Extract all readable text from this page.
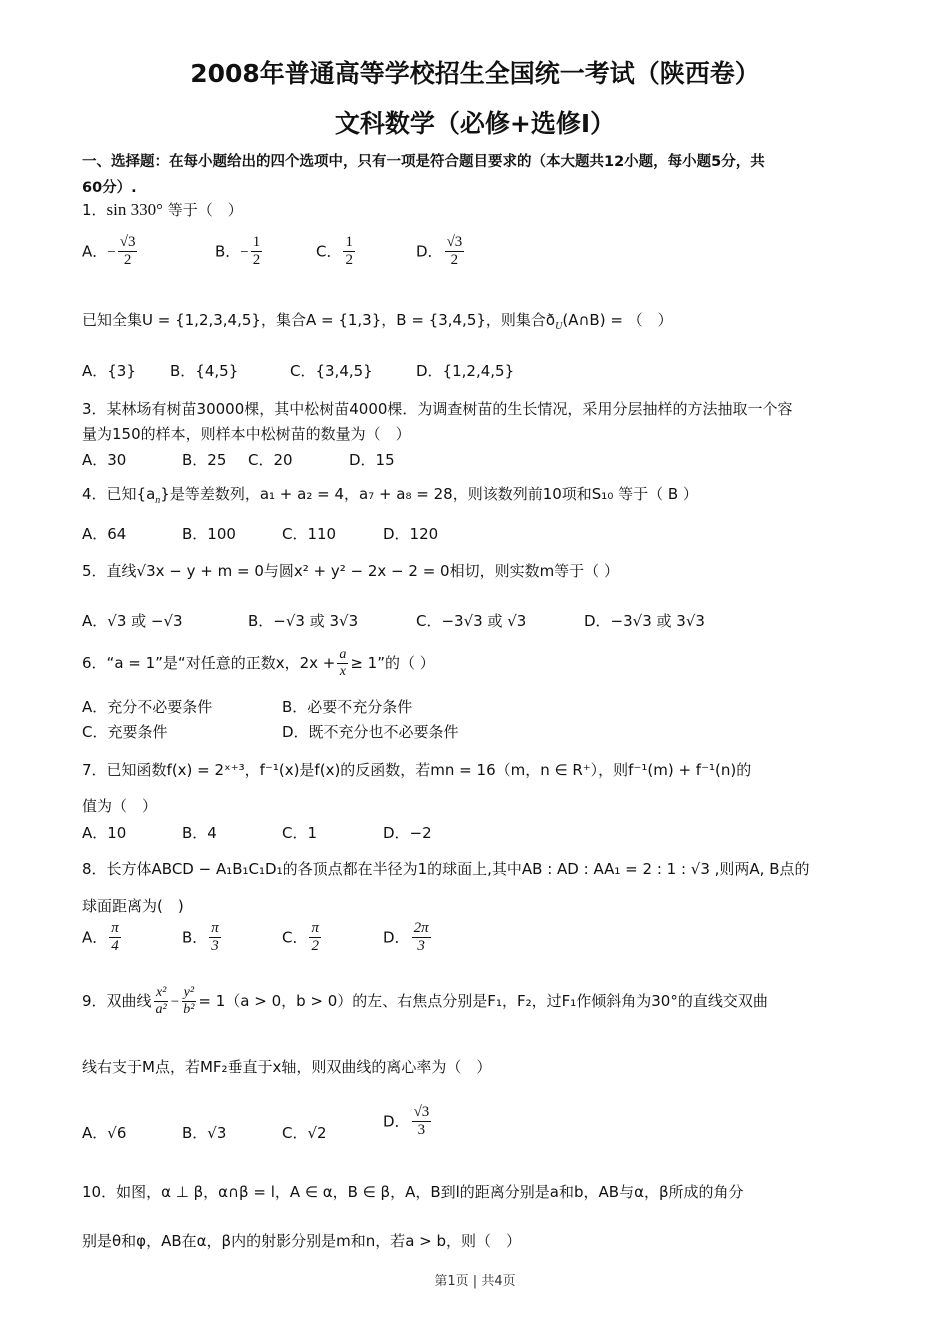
2008年普通高等学校招生全国统一考试（陕西卷）
文科数学（必修+选修Ⅰ）
一、选择题：在每小题给出的四个选项中，只有一项是符合题目要求的（本大题共12小题，每小题5分，共
60分）.
1．sin 330° 等于（　）
A．− $\frac{√3}{2}$	B．− $\frac{1}{2}$	C． $\frac{1}{2}$	D． $\frac{√3}{2}$
已知全集U = {1,2,3,4,5}，集合A = {1,3}，B = {3,4,5}，则集合$ð_U(A\cap B)$ = （　）
A．{3} B．{4,5}	C．{3,4,5}	D．{1,2,4,5}
3．某林场有树苗30000棵，其中松树苗4000棵．为调查树苗的生长情况，采用分层抽样的方法抽取一个容
量为150的样本，则样本中松树苗的数量为（　）
A．30	B．25 C．20	D．15
4．已知$\{a_n\}$是等差数列，a₁ + a₂ = 4，a₇ + a₈ = 28，则该数列前10项和S₁₀ 等于（ B ）
A．64	B．100	C．110	D．120
5．直线√3x − y + m = 0与圆x² + y² − 2x − 2 = 0相切，则实数m等于（ ）
A．√3 或 −√3	B．−√3 或 3√3	C．−3√3 或 √3	D．−3√3 或 3√3
6．“a = 1”是“对任意的正数x，$2x + \frac{a}{x} \ge 1$”的（ ）
A．充分不必要条件	B．必要不充分条件
C．充要条件	D．既不充分也不必要条件
7．已知函数f(x) = 2ˣ⁺³，f⁻¹(x)是f(x)的反函数，若mn = 16（m，n ∈ R⁺），则f⁻¹(m) + f⁻¹(n)的
值为（　）
A．10	B．4	C．1	D．−2
8．长方体ABCD − A₁B₁C₁D₁的各顶点都在半径为1的球面上,其中AB : AD : AA₁ = 2 : 1 : √3 ,则两A, B点的
球面距离为(　)
A． $\frac{\pi}{4}$	B． $\frac{\pi}{3}$	C． $\frac{\pi}{2}$	D． $\frac{2\pi}{3}$
9．双曲线 $\frac{\text{x²}}{\text{a²}} - \frac{\text{y²}}{\text{b²}} = 1(a > 0$，b > 0）的左、右焦点分别是F₁，F₂，过F₁作倾斜角为30°的直线交双曲
线右支于M点，若MF₂垂直于x轴，则双曲线的离心率为（　）
A．√6	B．√3	C．√2
D． $\frac{√3}{3}$
10．如图，α ⊥ β，α∩β = l，A ∈ α，B ∈ β，A，B到l的距离分别是a和b，AB与α，β所成的角分
别是θ和φ，AB在α，β内的射影分别是m和n，若a > b，则（　）
第1页 | 共4页
